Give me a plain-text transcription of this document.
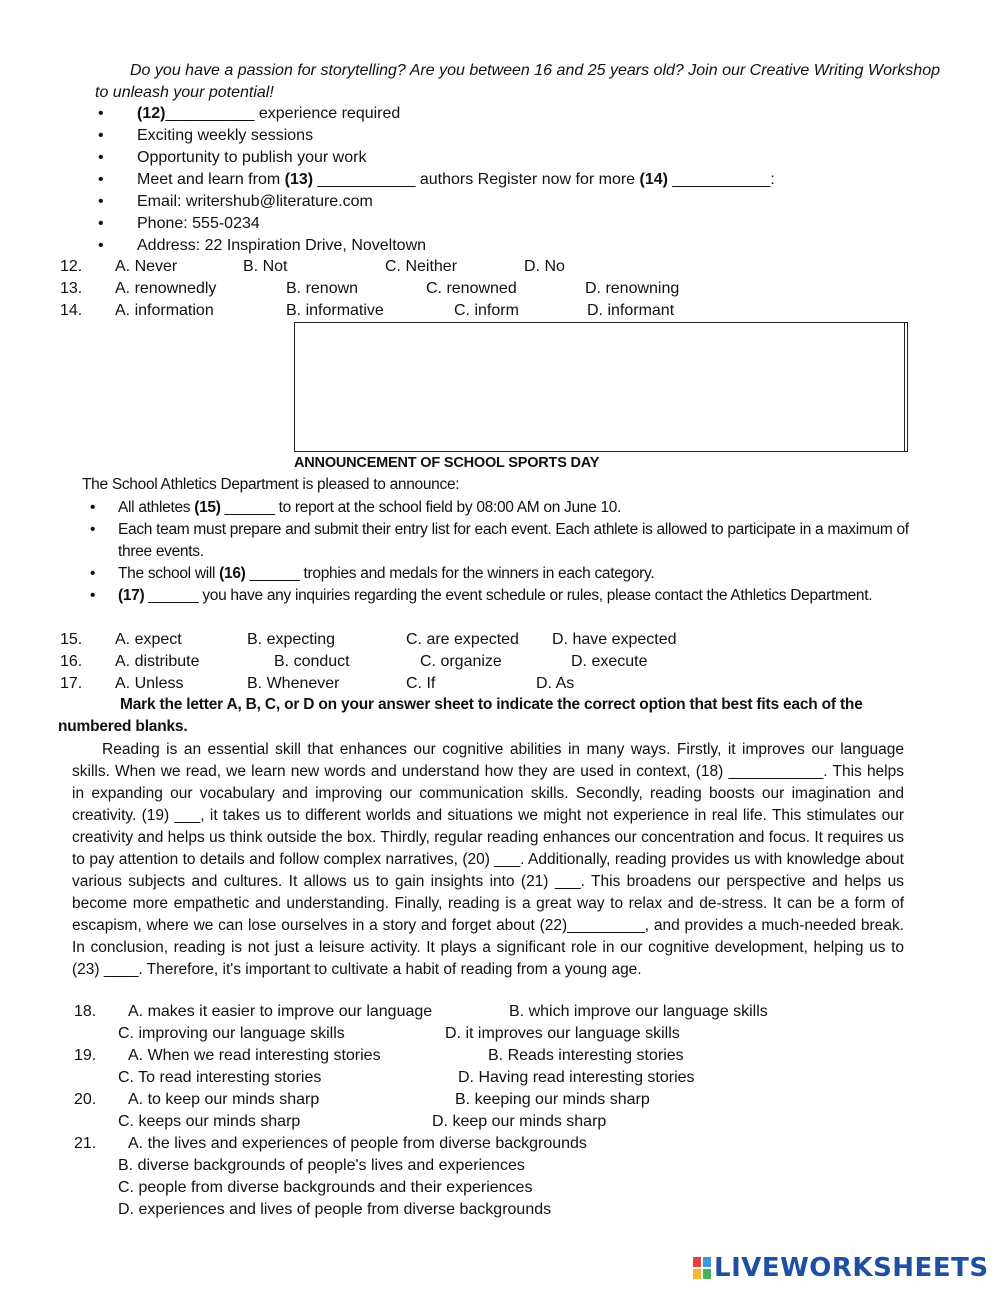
Do you have a passion for storytelling? Are you between 16 and 25 years old? Join our Creative Writing Workshop to unleash your potential!
• (12)__________ experience required
• Exciting weekly sessions
• Opportunity to publish your work
• Meet and learn from (13) ___________ authors Register now for more (14) ___________:
• Email: writershub@literature.com
• Phone: 555-0234
• Address: 22 Inspiration Drive, Noveltown
12. A. Never	B. Not	C. Neither	D. No
13. A. renownedly	B. renown	C. renowned	D. renowning
14. A. information	B. informative	C. inform	D. informant
ANNOUNCEMENT OF SCHOOL SPORTS DAY
The School Athletics Department is pleased to announce:
• All athletes (15) ______ to report at the school field by 08:00 AM on June 10.
• Each team must prepare and submit their entry list for each event. Each athlete is allowed to participate in a maximum of three events.
• The school will (16) ______ trophies and medals for the winners in each category.
• (17) ______ you have any inquiries regarding the event schedule or rules, please contact the Athletics Department.
15. A. expect	B. expecting	C. are expected D. have expected
16. A. distribute	B. conduct	C. organize	D. execute
17. A. Unless	B. Whenever	C. If	D. As
Mark the letter A, B, C, or D on your answer sheet to indicate the correct option that best fits each of the numbered blanks.
Reading is an essential skill that enhances our cognitive abilities in many ways. Firstly, it improves our language skills. When we read, we learn new words and understand how they are used in context, (18) ___________. This helps in expanding our vocabulary and improving our communication skills. Secondly, reading boosts our imagination and creativity. (19) ___, it takes us to different worlds and situations we might not experience in real life. This stimulates our creativity and helps us think outside the box. Thirdly, regular reading enhances our concentration and focus. It requires us to pay attention to details and follow complex narratives, (20) ___. Additionally, reading provides us with knowledge about various subjects and cultures. It allows us to gain insights into (21) ___. This broadens our perspective and helps us become more empathetic and understanding. Finally, reading is a great way to relax and de-stress. It can be a form of escapism, where we can lose ourselves in a story and forget about (22)_________, and provides a much-needed break. In conclusion, reading is not just a leisure activity. It plays a significant role in our cognitive development, helping us to (23) ____. Therefore, it's important to cultivate a habit of reading from a young age.
18. A. makes it easier to improve our language	B. which improve our language skills
C. improving our language skills	D. it improves our language skills
19. A. When we read interesting stories	B. Reads interesting stories
C. To read interesting stories	D. Having read interesting stories
20. A. to keep our minds sharp	B. keeping our minds sharp
C. keeps our minds sharp	D. keep our minds sharp
21. A. the lives and experiences of people from diverse backgrounds
B. diverse backgrounds of people's lives and experiences
C. people from diverse backgrounds and their experiences
D. experiences and lives of people from diverse backgrounds
LIVEWORKSHEETS
